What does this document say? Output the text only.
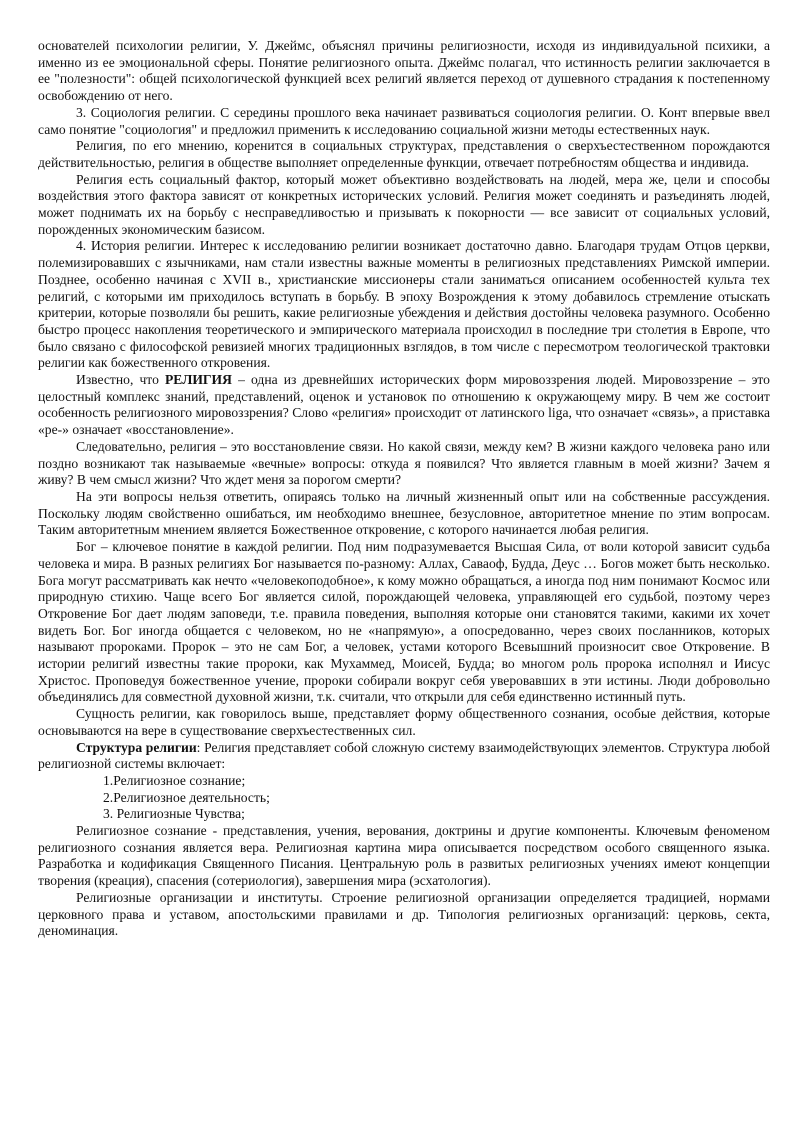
основателей психологии религии, У. Джеймс, объяснял причины религиозности, исходя из индивидуальной психики, а именно из ее эмоциональной сферы. Понятие религиозного опыта. Джеймс полагал, что истинность религии заключается в ее "полезности": общей психологической функцией всех религий является переход от душевного страдания к постепенному освобождению от него.

3. Социология религии. С середины прошлого века начинает развиваться социология религии. О. Конт впервые ввел само понятие "социология" и предложил применить к исследованию социальной жизни методы естественных наук.

Религия, по его мнению, коренится в социальных структурах, представления о сверхъестественном порождаются действительностью, религия в обществе выполняет определенные функции, отвечает потребностям общества и индивида.

Религия есть социальный фактор, который может объективно воздействовать на людей, мера же, цели и способы воздействия этого фактора зависят от конкретных исторических условий. Религия может соединять и разъединять людей, может поднимать их на борьбу с несправедливостью и призывать к покорности — все зависит от социальных условий, порожденных экономическим базисом.

4. История религии. Интерес к исследованию религии возникает достаточно давно. Благодаря трудам Отцов церкви, полемизировавших с язычниками, нам стали известны важные моменты в религиозных представлениях Римской империи. Позднее, особенно начиная с XVII в., христианские миссионеры стали заниматься описанием особенностей культа тех религий, с которыми им приходилось вступать в борьбу. В эпоху Возрождения к этому добавилось стремление отыскать критерии, которые позволяли бы решить, какие религиозные убеждения и действия достойны человека разумного. Особенно быстро процесс накопления теоретического и эмпирического материала происходил в последние три столетия в Европе, что было связано с философской ревизией многих традиционных взглядов, в том числе с пересмотром теологической трактовки религии как божественного откровения.

Известно, что РЕЛИГИЯ – одна из древнейших исторических форм мировоззрения людей. Мировоззрение – это целостный комплекс знаний, представлений, оценок и установок по отношению к окружающему миру. В чем же состоит особенность религиозного мировоззрения? Слово «религия» происходит от латинского liga, что означает «связь», а приставка «ре-» означает «восстановление».

Следовательно, религия – это восстановление связи. Но какой связи, между кем? В жизни каждого человека рано или поздно возникают так называемые «вечные» вопросы: откуда я появился? Что является главным в моей жизни? Зачем я живу? В чем смысл жизни? Что ждет меня за порогом смерти?

На эти вопросы нельзя ответить, опираясь только на личный жизненный опыт или на собственные рассуждения. Поскольку людям свойственно ошибаться, им необходимо внешнее, безусловное, авторитетное мнение по этим вопросам. Таким авторитетным мнением является Божественное откровение, с которого начинается любая религия.

Бог – ключевое понятие в каждой религии. Под ним подразумевается Высшая Сила, от воли которой зависит судьба человека и мира. В разных религиях Бог называется по-разному: Аллах, Саваоф, Будда, Деус … Богов может быть несколько. Бога могут рассматривать как нечто «человекоподобное», к кому можно обращаться, а иногда под ним понимают Космос или природную стихию. Чаще всего Бог является силой, порождающей человека, управляющей его судьбой, поэтому через Откровение Бог дает людям заповеди, т.е. правила поведения, выполняя которые они становятся такими, какими их хочет видеть Бог. Бог иногда общается с человеком, но не «напрямую», а опосредованно, через своих посланников, которых называют пророками. Пророк – это не сам Бог, а человек, устами которого Всевышний произносит свое Откровение. В истории религий известны такие пророки, как Мухаммед, Моисей, Будда; во многом роль пророка исполнял и Иисус Христос. Проповедуя божественное учение, пророки собирали вокруг себя уверовавших в эти истины. Люди добровольно объединялись для совместной духовной жизни, т.к. считали, что открыли для себя единственно истинный путь.

Сущность религии, как говорилось выше, представляет форму общественного сознания, особые действия, которые основываются на вере в существование сверхъестественных сил.

Структура религии: Религия представляет собой сложную систему взаимодействующих элементов. Структура любой религиозной системы включает:

1.Религиозное сознание;
2.Религиозное деятельность;
3. Религиозные Чувства;

Религиозное сознание - представления, учения, верования, доктрины и другие компоненты. Ключевым феноменом религиозного сознания является вера. Религиозная картина мира описывается посредством особого священного языка. Разработка и кодификация Священного Писания. Центральную роль в развитых религиозных учениях имеют концепции творения (креация), спасения (сотериология), завершения мира (эсхатология).

Религиозные организации и институты. Строение религиозной организации определяется традицией, нормами церковного права и уставом, апостольскими правилами и др. Типология религиозных организаций: церковь, секта, деноминация.
